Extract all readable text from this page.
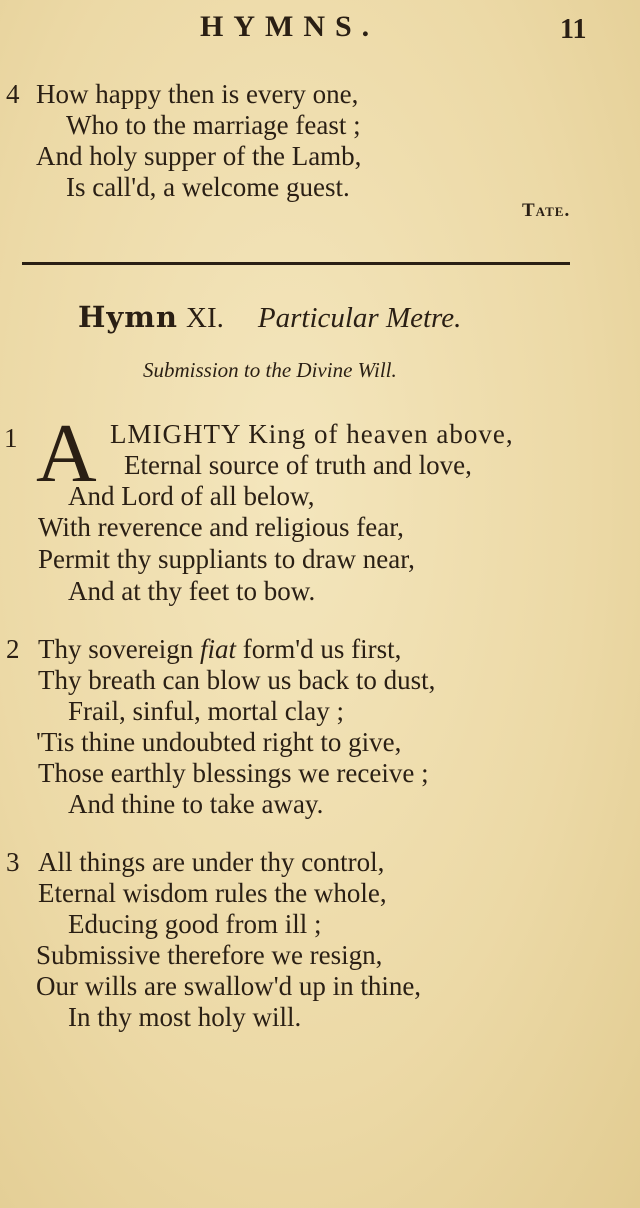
HYMNS.	11
4 How happy then is every one,
Who to the marriage feast ;
And holy supper of the Lamb,
Is call'd, a welcome guest.
Tate.
Hymn XI. Particular Metre.
Submission to the Divine Will.
1 A LMIGHTY King of heaven above,
Eternal source of truth and love,
And Lord of all below,
With reverence and religious fear,
Permit thy suppliants to draw near,
And at thy feet to bow.
2 Thy sovereign fiat form'd us first,
Thy breath can blow us back to dust,
Frail, sinful, mortal clay ;
'Tis thine undoubted right to give,
Those earthly blessings we receive ;
And thine to take away.
3 All things are under thy control,
Eternal wisdom rules the whole,
Educing good from ill ;
Submissive therefore we resign,
Our wills are swallow'd up in thine,
In thy most holy will.
